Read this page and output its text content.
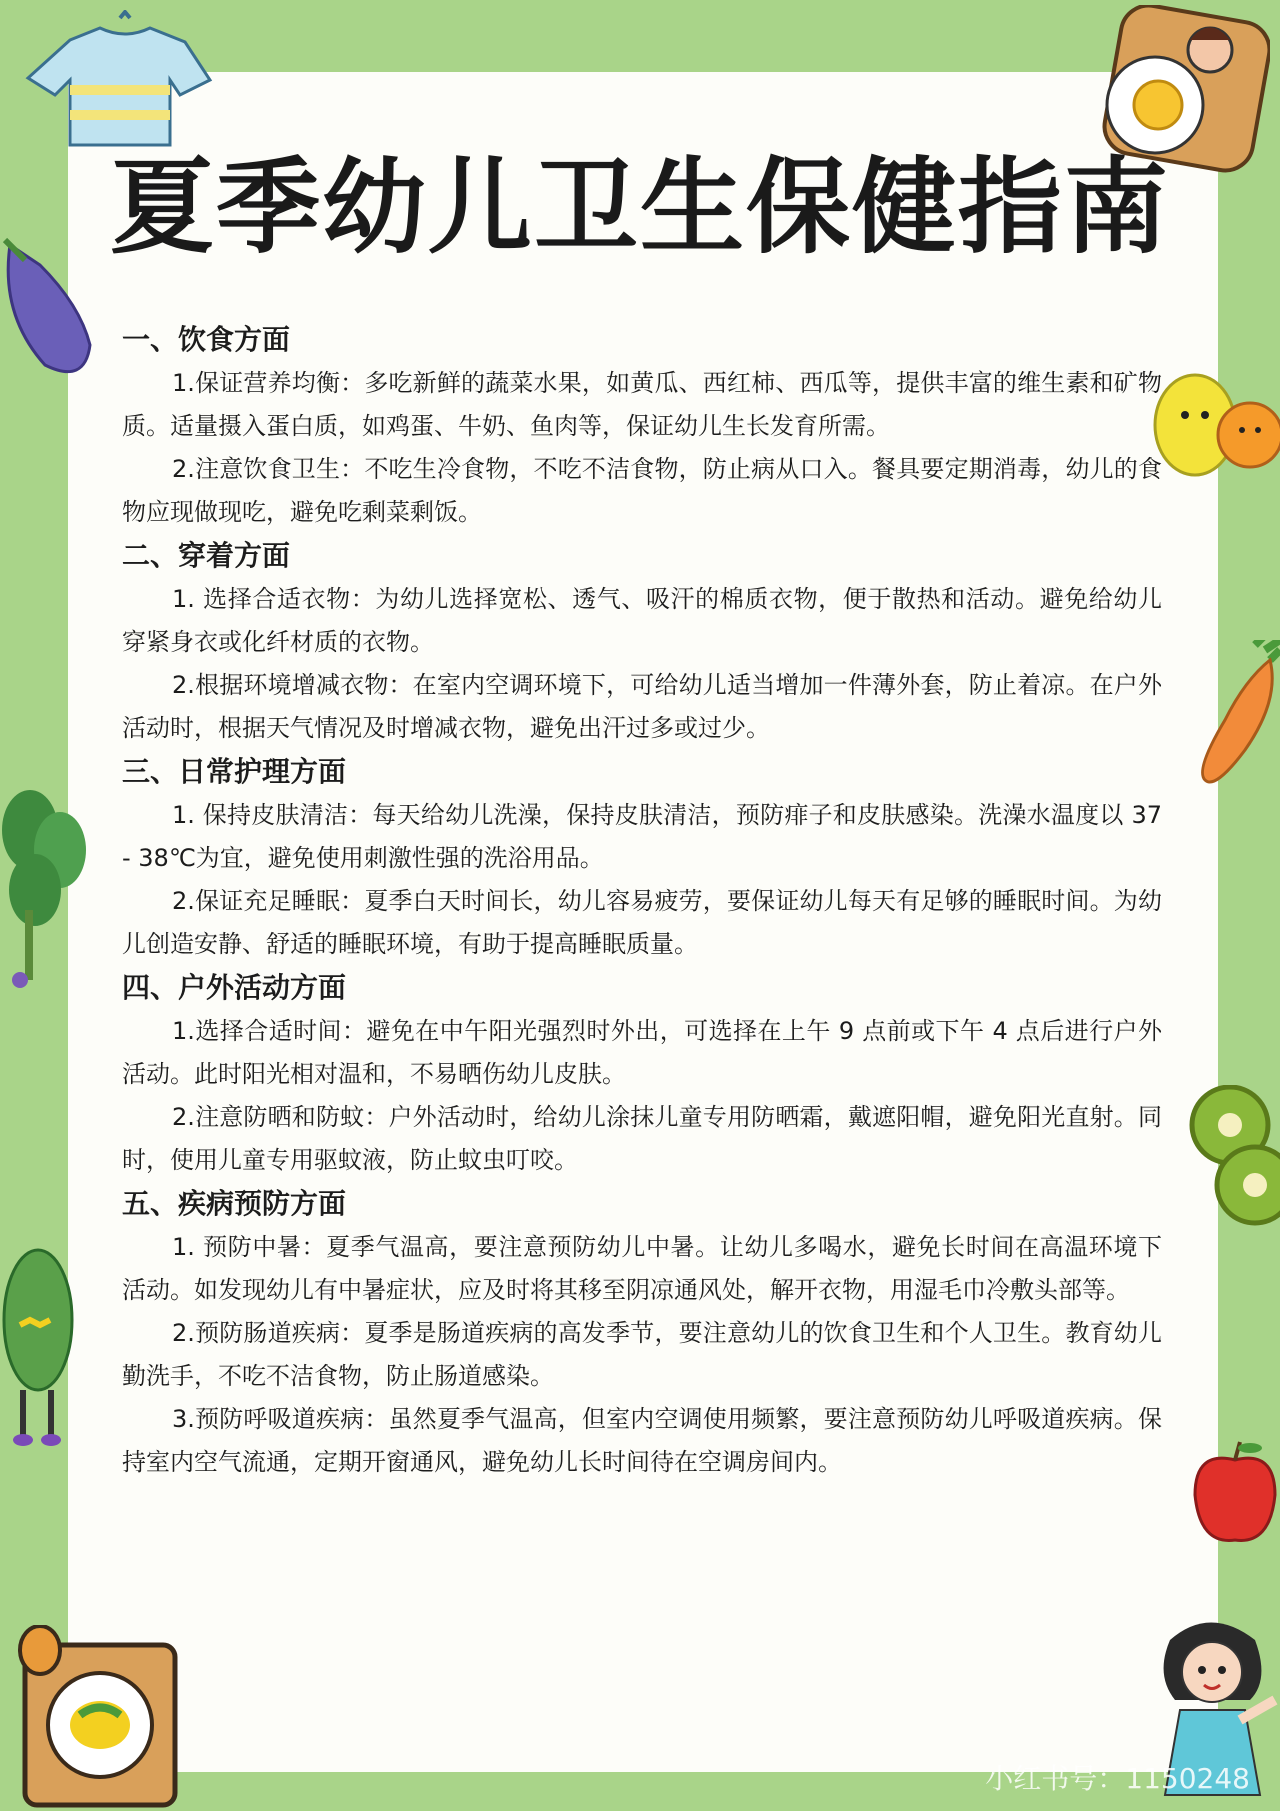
夏季幼儿卫生保健指南

一、饮食方面

1.保证营养均衡：多吃新鲜的蔬菜水果，如黄瓜、西红柿、西瓜等，提供丰富的维生素和矿物质。适量摄入蛋白质，如鸡蛋、牛奶、鱼肉等，保证幼儿生长发育所需。

2.注意饮食卫生：不吃生冷食物，不吃不洁食物，防止病从口入。餐具要定期消毒，幼儿的食物应现做现吃，避免吃剩菜剩饭。

二、穿着方面

1. 选择合适衣物：为幼儿选择宽松、透气、吸汗的棉质衣物，便于散热和活动。避免给幼儿穿紧身衣或化纤材质的衣物。

2.根据环境增减衣物：在室内空调环境下，可给幼儿适当增加一件薄外套，防止着凉。在户外活动时，根据天气情况及时增减衣物，避免出汗过多或过少。

三、日常护理方面

1. 保持皮肤清洁：每天给幼儿洗澡，保持皮肤清洁，预防痱子和皮肤感染。洗澡水温度以 37 - 38℃为宜，避免使用刺激性强的洗浴用品。

2.保证充足睡眠：夏季白天时间长，幼儿容易疲劳，要保证幼儿每天有足够的睡眠时间。为幼儿创造安静、舒适的睡眠环境，有助于提高睡眠质量。

四、户外活动方面

1.选择合适时间：避免在中午阳光强烈时外出，可选择在上午 9 点前或下午 4 点后进行户外活动。此时阳光相对温和，不易晒伤幼儿皮肤。

2.注意防晒和防蚊：户外活动时，给幼儿涂抹儿童专用防晒霜，戴遮阳帽，避免阳光直射。同时，使用儿童专用驱蚊液，防止蚊虫叮咬。

五、疾病预防方面

1. 预防中暑：夏季气温高，要注意预防幼儿中暑。让幼儿多喝水，避免长时间在高温环境下活动。如发现幼儿有中暑症状，应及时将其移至阴凉通风处，解开衣物，用湿毛巾冷敷头部等。

2.预防肠道疾病：夏季是肠道疾病的高发季节，要注意幼儿的饮食卫生和个人卫生。教育幼儿勤洗手，不吃不洁食物，防止肠道感染。

3.预防呼吸道疾病：虽然夏季气温高，但室内空调使用频繁，要注意预防幼儿呼吸道疾病。保持室内空气流通，定期开窗通风，避免幼儿长时间待在空调房间内。

小红书号：1150248
